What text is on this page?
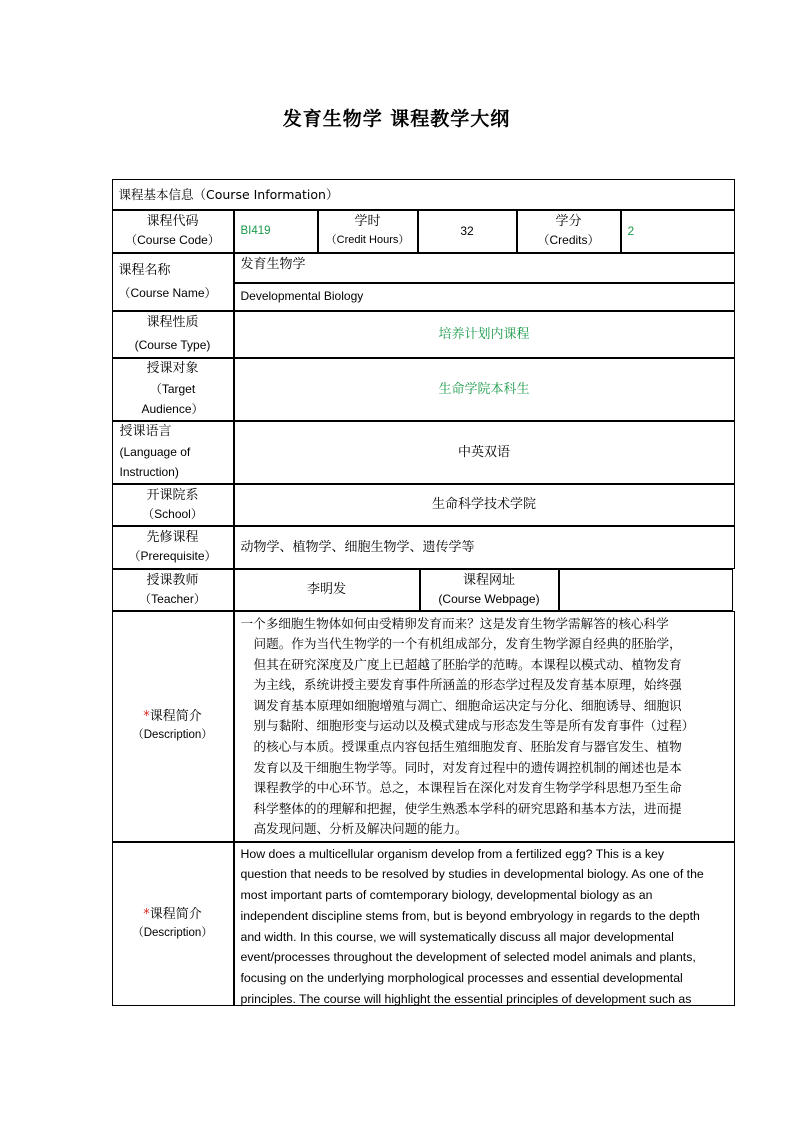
发育生物学 课程教学大纲
课程基本信息（Course Information）
课程代码
（Course Code）
BI419
学时
（Credit Hours）
32
学分
（Credits）
2
课程名称
（Course Name）
发育生物学
Developmental Biology
课程性质
(Course Type)
培养计划内课程
授课对象
（Target
Audience）
生命学院本科生
授课语言
(Language of
Instruction)
中英双语
开课院系
（School）
生命科学技术学院
先修课程
（Prerequisite）
动物学、植物学、细胞生物学、遗传学等
授课教师
（Teacher）
李明发
课程网址
(Course Webpage)
*课程简介
（Description）

一个多细胞生物体如何由受精卵发育而来？这是发育生物学需解答的核心科学

问题。作为当代生物学的一个有机组成部分，发育生物学源自经典的胚胎学，

但其在研究深度及广度上已超越了胚胎学的范畴。本课程以模式动、植物发育

为主线，系统讲授主要发育事件所涵盖的形态学过程及发育基本原理，始终强

调发育基本原理如细胞增殖与凋亡、细胞命运决定与分化、细胞诱导、细胞识

别与黏附、细胞形变与运动以及模式建成与形态发生等是所有发育事件（过程）

的核心与本质。授课重点内容包括生殖细胞发育、胚胎发育与器官发生、植物

发育以及干细胞生物学等。同时，对发育过程中的遗传调控机制的阐述也是本

课程教学的中心环节。总之，本课程旨在深化对发育生物学学科思想乃至生命

科学整体的的理解和把握，使学生熟悉本学科的研究思路和基本方法，进而提

高发现问题、分析及解决问题的能力。

*课程简介
（Description）
How does a multicellular organism develop from a fertilized egg? This is a key
question that needs to be resolved by studies in developmental biology. As one of the
most important parts of comtemporary biology, developmental biology as an
independent discipline stems from, but is beyond embryology in regards to the depth
and width. In this course, we will systematically discuss all major developmental
event/processes throughout the development of selected model animals and plants,
focusing on the underlying morphological processes and essential developmental
principles. The course will highlight the essential principles of development such as
